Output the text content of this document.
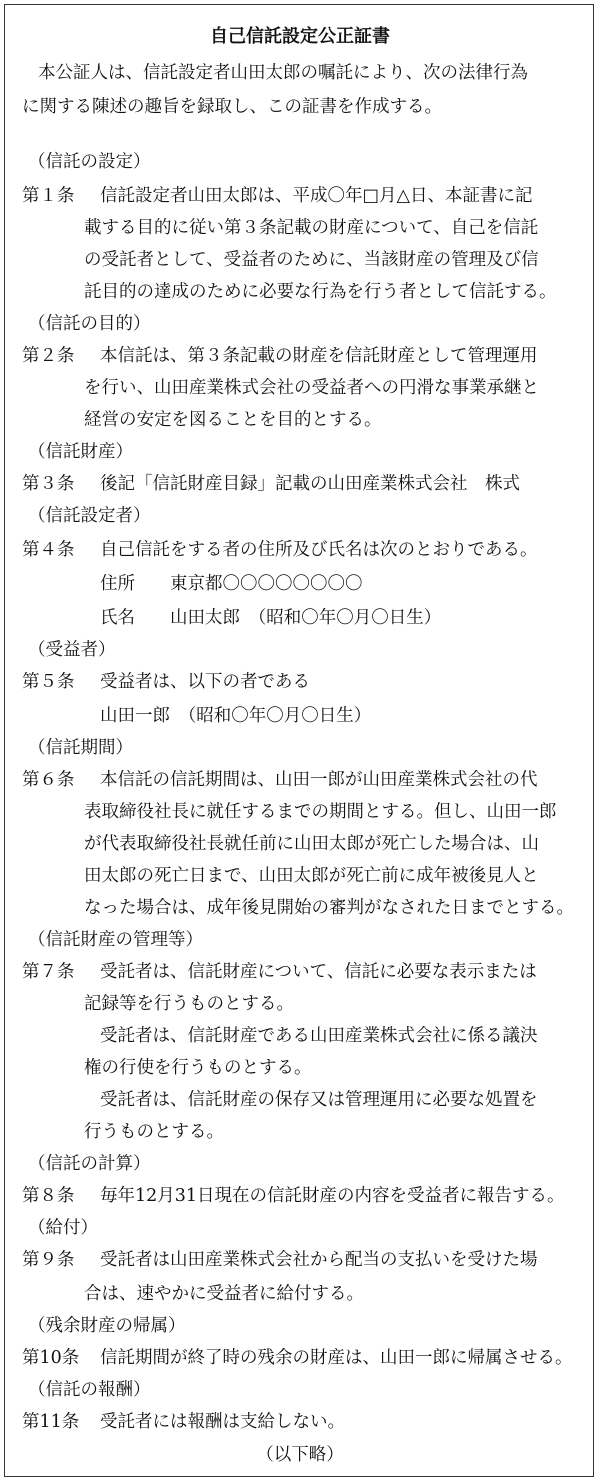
自己信託設定公正証書
本公証人は、信託設定者山田太郎の嘱託により、次の法律行為
に関する陳述の趣旨を録取し、この証書を作成する。
（信託の設定）
第１条 信託設定者山田太郎は、平成〇年□月△日、本証書に記
載する目的に従い第３条記載の財産について、自己を信託
の受託者として、受益者のために、当該財産の管理及び信
託目的の達成のために必要な行為を行う者として信託する。
（信託の目的）
第２条 本信託は、第３条記載の財産を信託財産として管理運用
を行い、山田産業株式会社の受益者への円滑な事業承継と
経営の安定を図ることを目的とする。
（信託財産）
第３条 後記「信託財産目録」記載の山田産業株式会社　株式
（信託設定者）
第４条 自己信託をする者の住所及び氏名は次のとおりである。
住所 東京都〇〇〇〇〇〇〇〇
氏名 山田太郎　（昭和〇年〇月〇日生）
（受益者）
第５条 受益者は、以下の者である
山田一郎　（昭和〇年〇月〇日生）
（信託期間）
第６条 本信託の信託期間は、山田一郎が山田産業株式会社の代
表取締役社長に就任するまでの期間とする。但し、山田一郎
が代表取締役社長就任前に山田太郎が死亡した場合は、山
田太郎の死亡日まで、山田太郎が死亡前に成年被後見人と
なった場合は、成年後見開始の審判がなされた日までとする。
（信託財産の管理等）
第７条 受託者は、信託財産について、信託に必要な表示または
記録等を行うものとする。
受託者は、信託財産である山田産業株式会社に係る議決
権の行使を行うものとする。
受託者は、信託財産の保存又は管理運用に必要な処置を
行うものとする。
（信託の計算）
第８条 毎年12月31日現在の信託財産の内容を受益者に報告する。
（給付）
第９条 受託者は山田産業株式会社から配当の支払いを受けた場
合は、速やかに受益者に給付する。
（残余財産の帰属）
第10条 信託期間が終了時の残余の財産は、山田一郎に帰属させる。
（信託の報酬）
第11条 受託者には報酬は支給しない。
（以下略）
